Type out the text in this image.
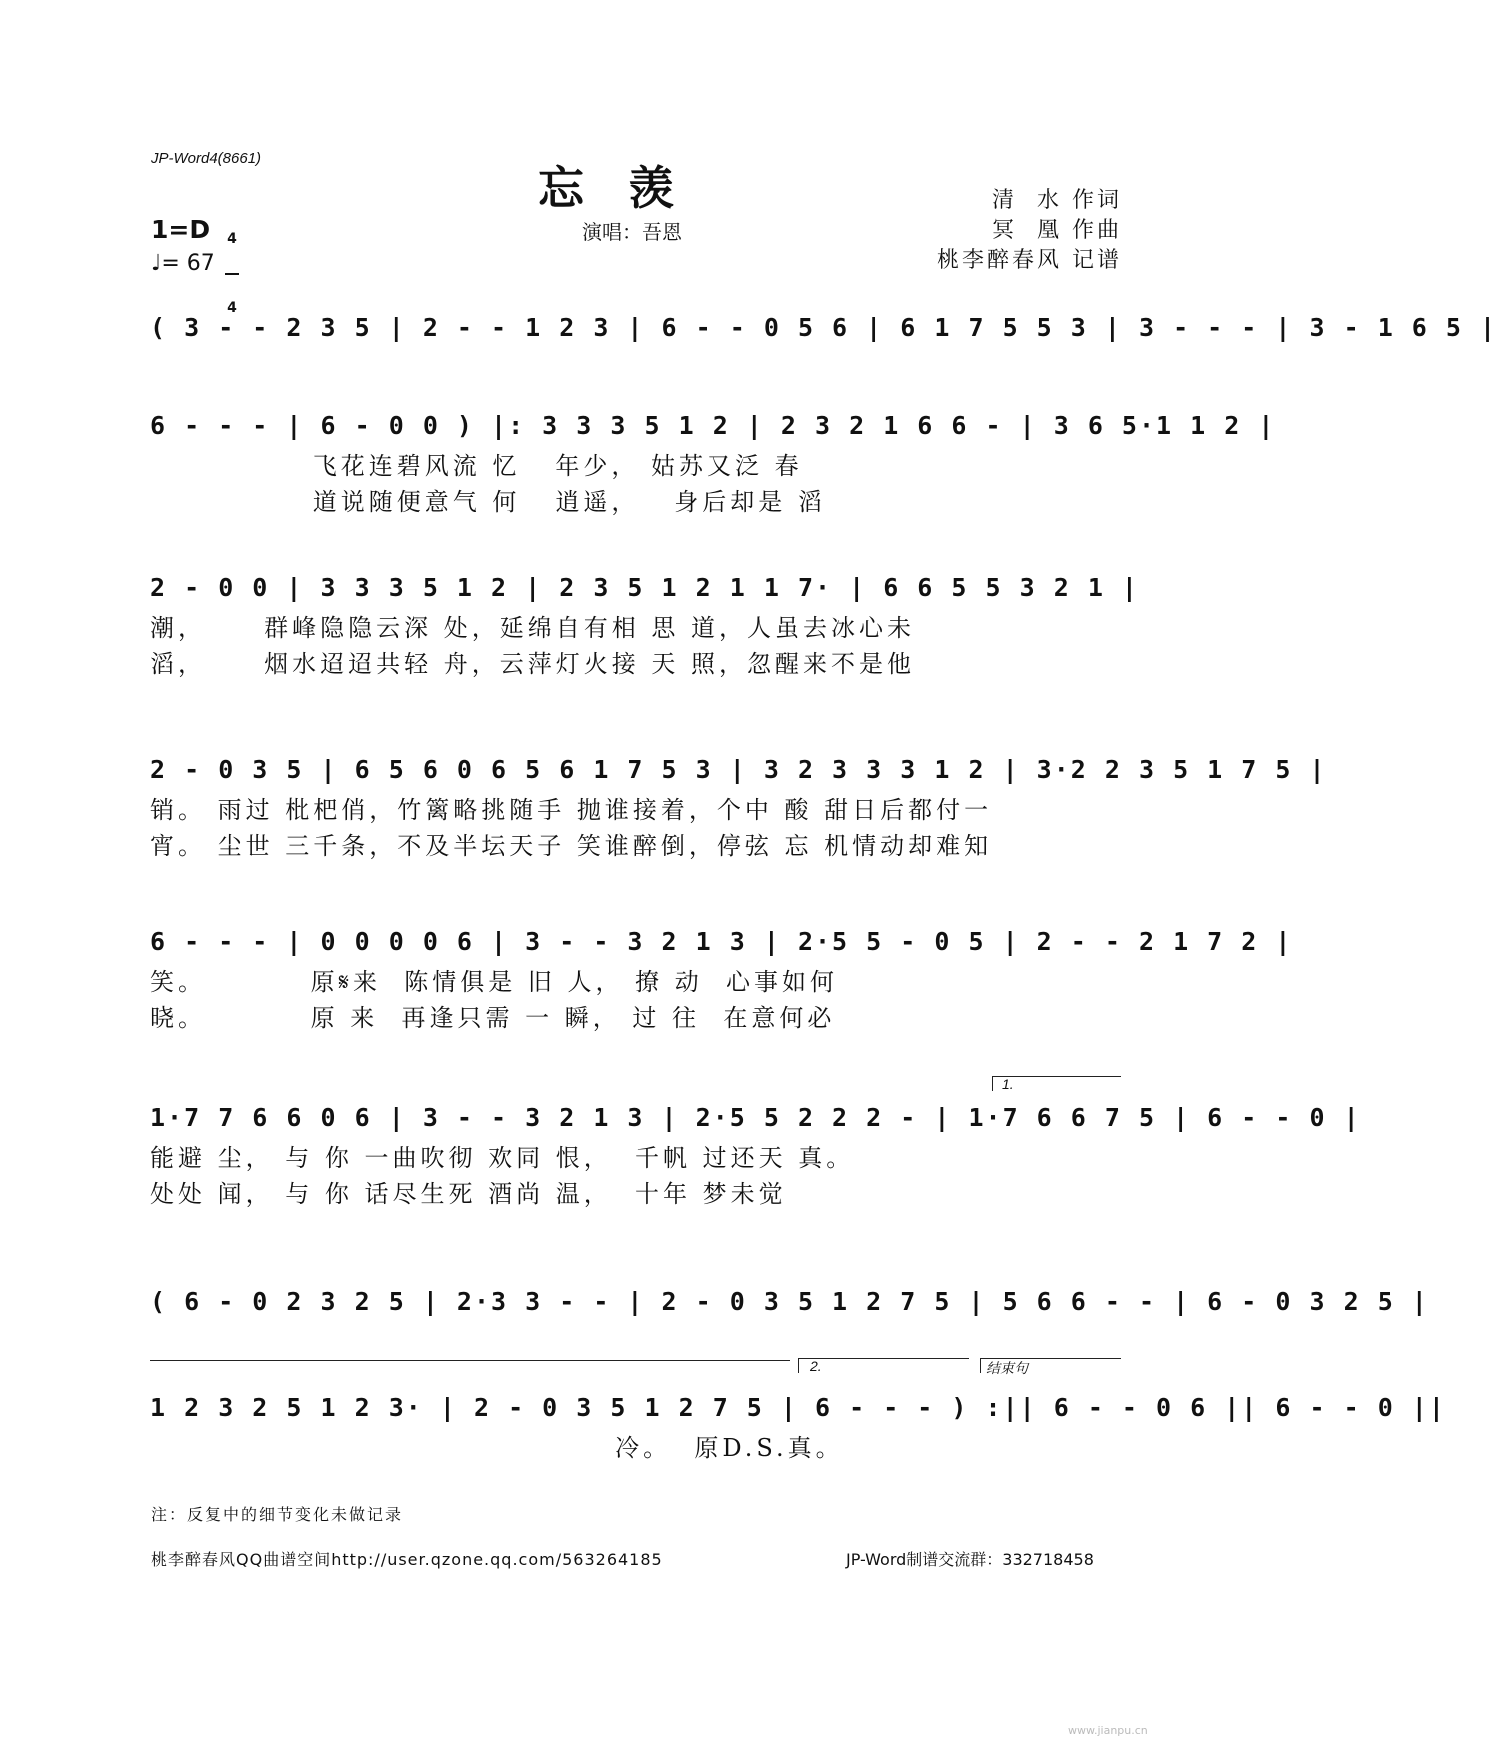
JP-Word4(8661)
忘羡
演唱：吾恩
清  水 作词
冥  凰 作曲
桃李醉春风 记谱
1=D

4

4

♩= 67
( 3 - - 2 3 5 | 2 - - 1 2 3 | 6 - - 0 5 6 | 6 1 7 5 5 3 | 3 - - - | 3 - 1 6 5 |
6 - - - | 6 - 0 0 ) |: 3 3 3 5 1 2 | 2 3 2 1 6 6 - | 3 6 5·1 1 2 |
飞花连碧风流 忆   年少， 姑苏又泛 春
道说随便意气 何   逍遥，   身后却是 滔
2 - 0 0 | 3 3 3 5 1 2 | 2 3 5 1 2 1 1 7· | 6 6 5 5 3 2 1 |
潮，     群峰隐隐云深 处，延绵自有相 思 道，人虽去冰心未
滔，     烟水迢迢共轻 舟，云萍灯火接 天 照，忽醒来不是他
2 - 0 3 5 | 6 5 6 0 6 5 6 1 7 5 3 | 3 2 3 3 3 1 2 | 3·2 2 3 5 1 7 5 |
销。 雨过 枇杷俏，竹篱略挑随手 抛谁接着，个中 酸 甜日后都付一
宵。 尘世 三千条，不及半坛天子 笑谁醉倒，停弦 忘 机情动却难知
6 - - - | 0 0 0 0 6 | 3 - - 3 2 1 3 | 2·5 5 - 0 5 | 2 - - 2 1 7 2 |
笑。         原𝄋来  陈情俱是 旧 人， 撩 动  心事如何
晓。         原 来  再逢只需 一 瞬， 过 往  在意何必
1.
1·7 7 6 6 0 6 | 3 - - 3 2 1 3 | 2·5 5 2 2 2 - | 1·7 6 6 7 5 | 6 - - 0 |
能避 尘， 与 你 一曲吹彻 欢同 恨，  千帆 过还天 真。
处处 闻， 与 你 话尽生死 酒尚 温，  十年 梦未觉
( 6 - 0 2 3 2 5 | 2·3 3 - - | 2 - 0 3 5 1 2 7 5 | 5 6 6 - - | 6 - 0 3 2 5 |
2.	结束句
1 2 3 2 5 1 2 3· | 2 - 0 3 5 1 2 7 5 | 6 - - - ) :|| 6 - - 0 6 || 6 - - 0 ||
冷。  原D.S.真。
注：反复中的细节变化未做记录
桃李醉春风QQ曲谱空间http://user.qzone.qq.com/563264185	JP-Word制谱交流群：332718458
www.jianpu.cn
